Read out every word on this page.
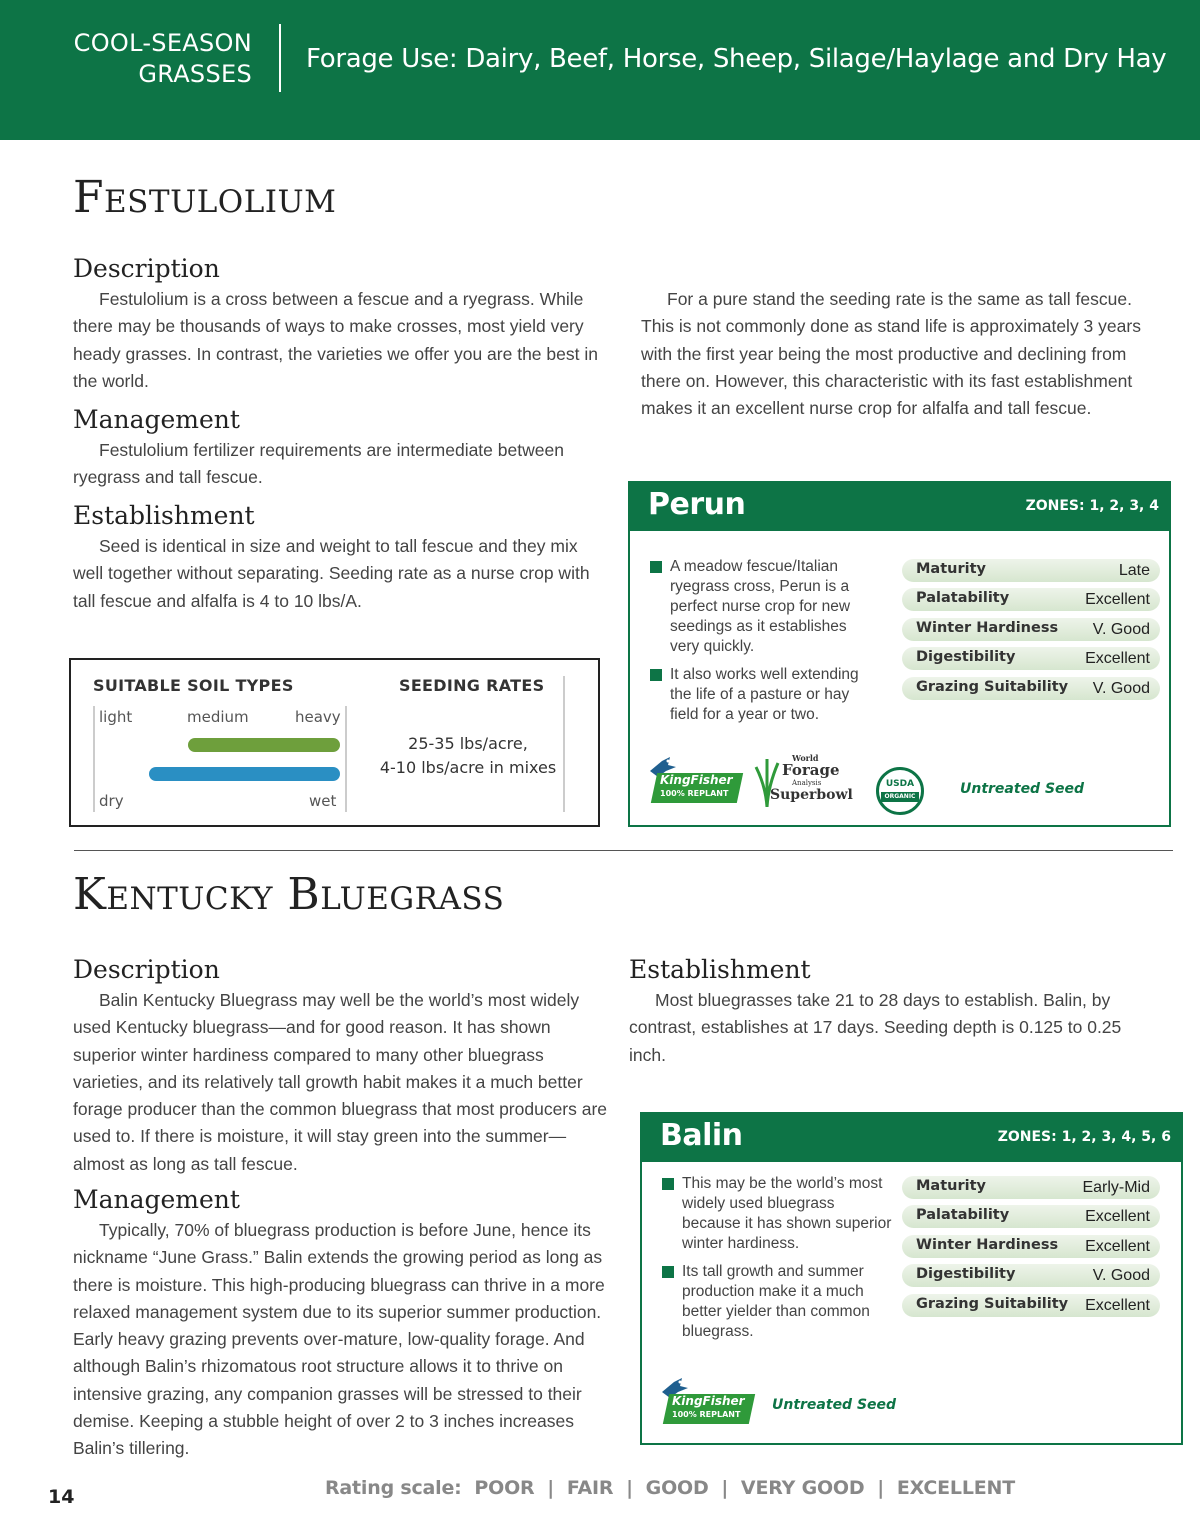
COOL-SEASON
GRASSES Forage Use: Dairy, Beef, Horse, Sheep, Silage/Haylage and Dry Hay
Festulolium
Description
Festulolium is a cross between a fescue and a ryegrass. While there may be thousands of ways to make crosses, most yield very heady grasses. In contrast, the varieties we offer you are the best in the world.
Management
Festulolium fertilizer requirements are intermediate between ryegrass and tall fescue.
Establishment
Seed is identical in size and weight to tall fescue and they mix well together without separating. Seeding rate as a nurse crop with tall fescue and alfalfa is 4 to 10 lbs/A.
For a pure stand the seeding rate is the same as tall fescue. This is not commonly done as stand life is approximately 3 years with the first year being the most productive and declining from there on. However, this characteristic with its fast establishment makes it an excellent nurse crop for alfalfa and tall fescue.
SUITABLE SOIL TYPES	SEEDING RATES
light	medium	heavy
dry	wet
25-35 lbs/acre,
4-10 lbs/acre in mixes
Perun	ZONES: 1, 2, 3, 4
A meadow fescue/Italian ryegrass cross, Perun is a perfect nurse crop for new seedings as it establishes very quickly.
It also works well extending the life of a pasture or hay field for a year or two.
Maturity	Late
Palatability	Excellent
Winter Hardiness V. Good
Digestibility	Excellent
Grazing Suitability V. Good
KingFisher
100% REPLANT
World
Forage
Analysis
Superbowl
USDA
ORGANIC	Untreated Seed
Kentucky Bluegrass
Description
Balin Kentucky Bluegrass may well be the world’s most widely used Kentucky bluegrass—and for good reason. It has shown superior winter hardiness compared to many other bluegrass varieties, and its relatively tall growth habit makes it a much better forage producer than the common bluegrass that most producers are used to. If there is moisture, it will stay green into the summer—almost as long as tall fescue.
Management
Typically, 70% of bluegrass production is before June, hence its nickname “June Grass.” Balin extends the growing period as long as there is moisture. This high-producing bluegrass can thrive in a more relaxed management system due to its superior summer production. Early heavy grazing prevents over-mature, low-quality forage. And although Balin’s rhizomatous root structure allows it to thrive on intensive grazing, any companion grasses will be stressed to their demise. Keeping a stubble height of over 2 to 3 inches increases Balin’s tillering.
Establishment
Most bluegrasses take 21 to 28 days to establish. Balin, by contrast, establishes at 17 days. Seeding depth is 0.125 to 0.25 inch.
Balin	ZONES: 1, 2, 3, 4, 5, 6
This may be the world’s most widely used bluegrass because it has shown superior winter hardiness.
Its tall growth and summer production make it a much better yielder than common bluegrass.
Maturity	Early-Mid
Palatability	Excellent
Winter Hardiness Excellent
Digestibility	V. Good
Grazing Suitability Excellent
KingFisher
100% REPLANT
Untreated Seed
14	Rating scale:  POOR  |  FAIR  |  GOOD  |  VERY GOOD  |  EXCELLENT
